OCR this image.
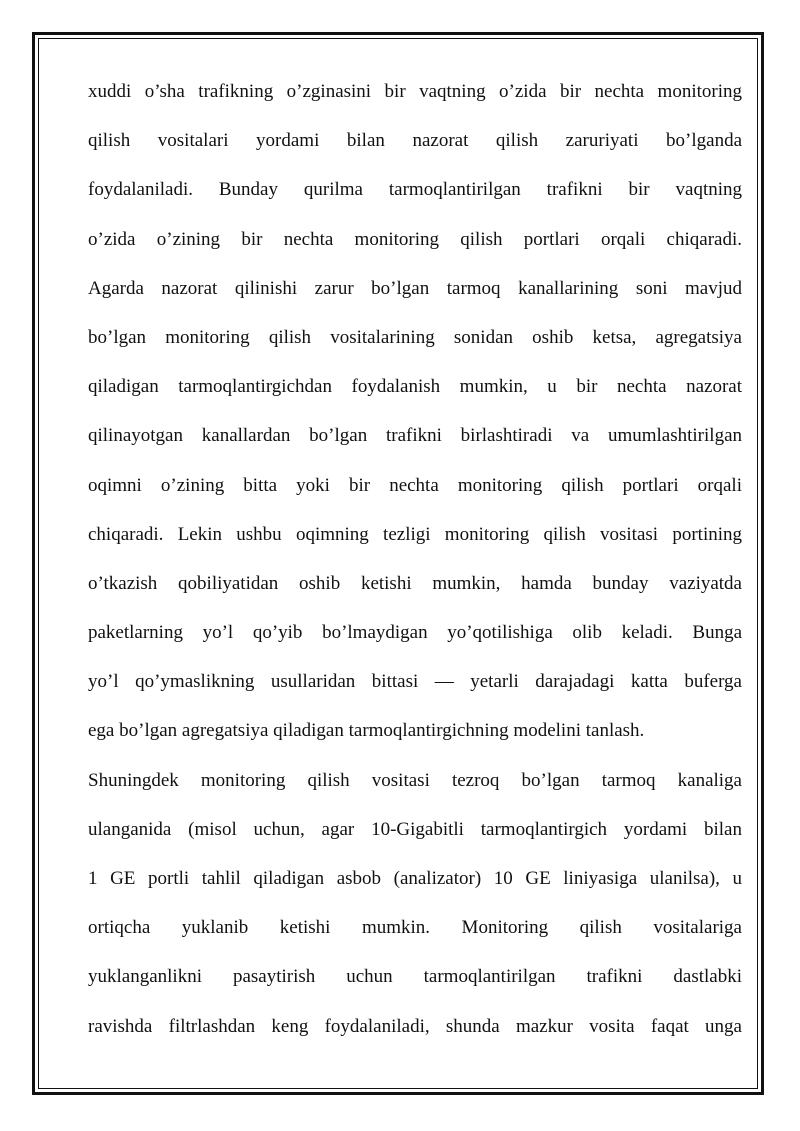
xuddi o’sha trafikning o’zginasini bir vaqtning o’zida bir nechta monitoring
qilish vositalari yordami bilan nazorat qilish zaruriyati bo’lganda
foydalaniladi. Bunday qurilma tarmoqlantirilgan trafikni bir vaqtning
o’zida o’zining bir nechta monitoring qilish portlari orqali chiqaradi.
Agarda nazorat qilinishi zarur bo’lgan tarmoq kanallarining soni mavjud
bo’lgan monitoring qilish vositalarining sonidan oshib ketsa, agregatsiya
qiladigan tarmoqlantirgichdan foydalanish mumkin, u bir nechta nazorat
qilinayotgan kanallardan bo’lgan trafikni birlashtiradi va umumlashtirilgan
oqimni o’zining bitta yoki bir nechta monitoring qilish portlari orqali
chiqaradi. Lekin ushbu oqimning tezligi monitoring qilish vositasi portining
o’tkazish qobiliyatidan oshib ketishi mumkin, hamda bunday vaziyatda
paketlarning yo’l qo’yib bo’lmaydigan yo’qotilishiga olib keladi. Bunga
yo’l qo’ymaslikning usullaridan bittasi — yetarli darajadagi katta buferga
ega bo’lgan agregatsiya qiladigan tarmoqlantirgichning modelini tanlash.
Shuningdek monitoring qilish vositasi tezroq bo’lgan tarmoq kanaliga
ulanganida (misol uchun, agar 10-Gigabitli tarmoqlantirgich yordami bilan
1 GE portli tahlil qiladigan asbob (analizator) 10 GE liniyasiga ulanilsa), u
ortiqcha yuklanib ketishi mumkin. Monitoring qilish vositalariga
yuklanganlikni pasaytirish uchun tarmoqlantirilgan trafikni dastlabki
ravishda filtrlashdan keng foydalaniladi, shunda mazkur vosita faqat unga
